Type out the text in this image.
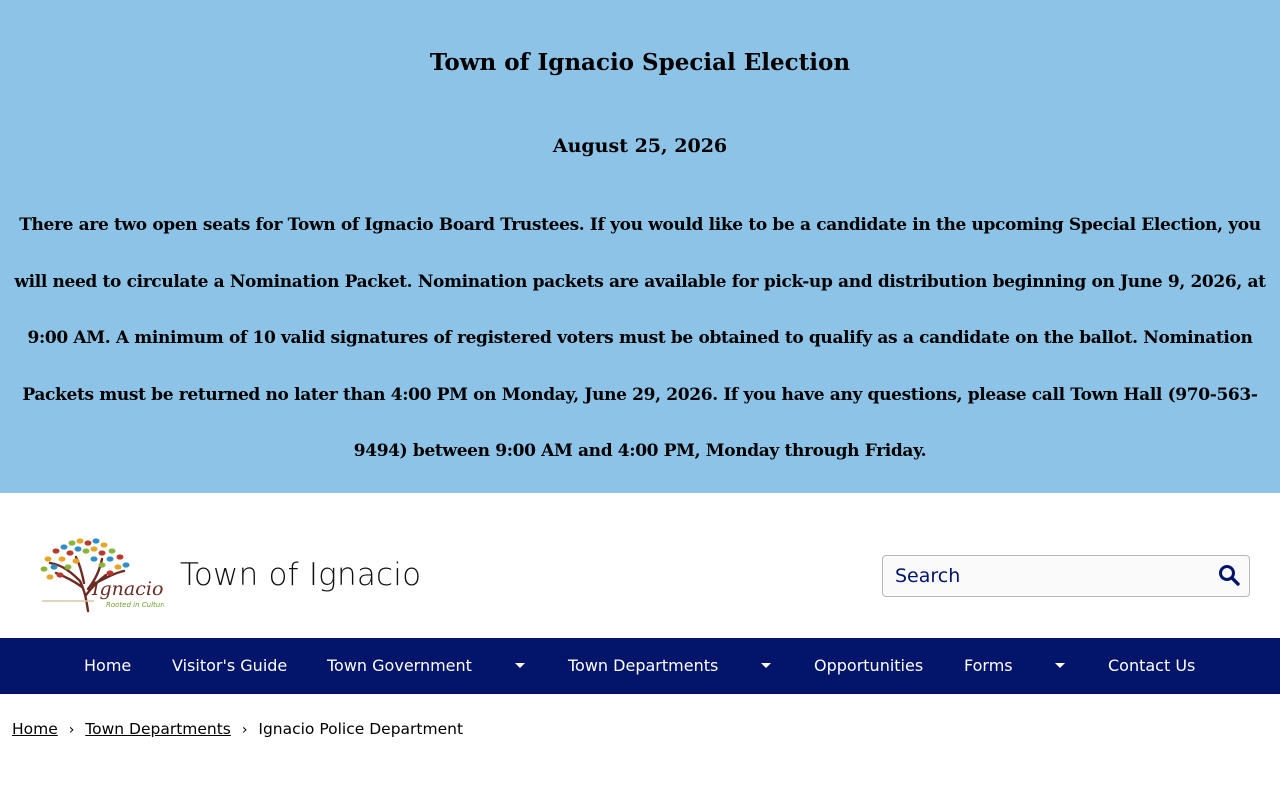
Town of Ignacio Special Election
August 25, 2026

There are two open seats for Town of Ignacio Board Trustees. If you would like to be a candidate in the upcoming Special Election, you will need to circulate a Nomination Packet. Nomination packets are available for pick-up and distribution beginning on June 9, 2026, at 9:00 AM. A minimum of 10 valid signatures of registered voters must be obtained to qualify as a candidate on the ballot. Nomination Packets must be returned no later than 4:00 PM on Monday, June 29, 2026. If you have any questions, please call Town Hall (970-563-9494) between 9:00 AM and 4:00 PM, Monday through Friday.

Ignacio
Rooted in Culture
Town of Ignacio
Search
Home	Visitor's Guide Town Government	Town Departments	Opportunities	Forms	Contact Us
Home › Town Departments › Ignacio Police Department
